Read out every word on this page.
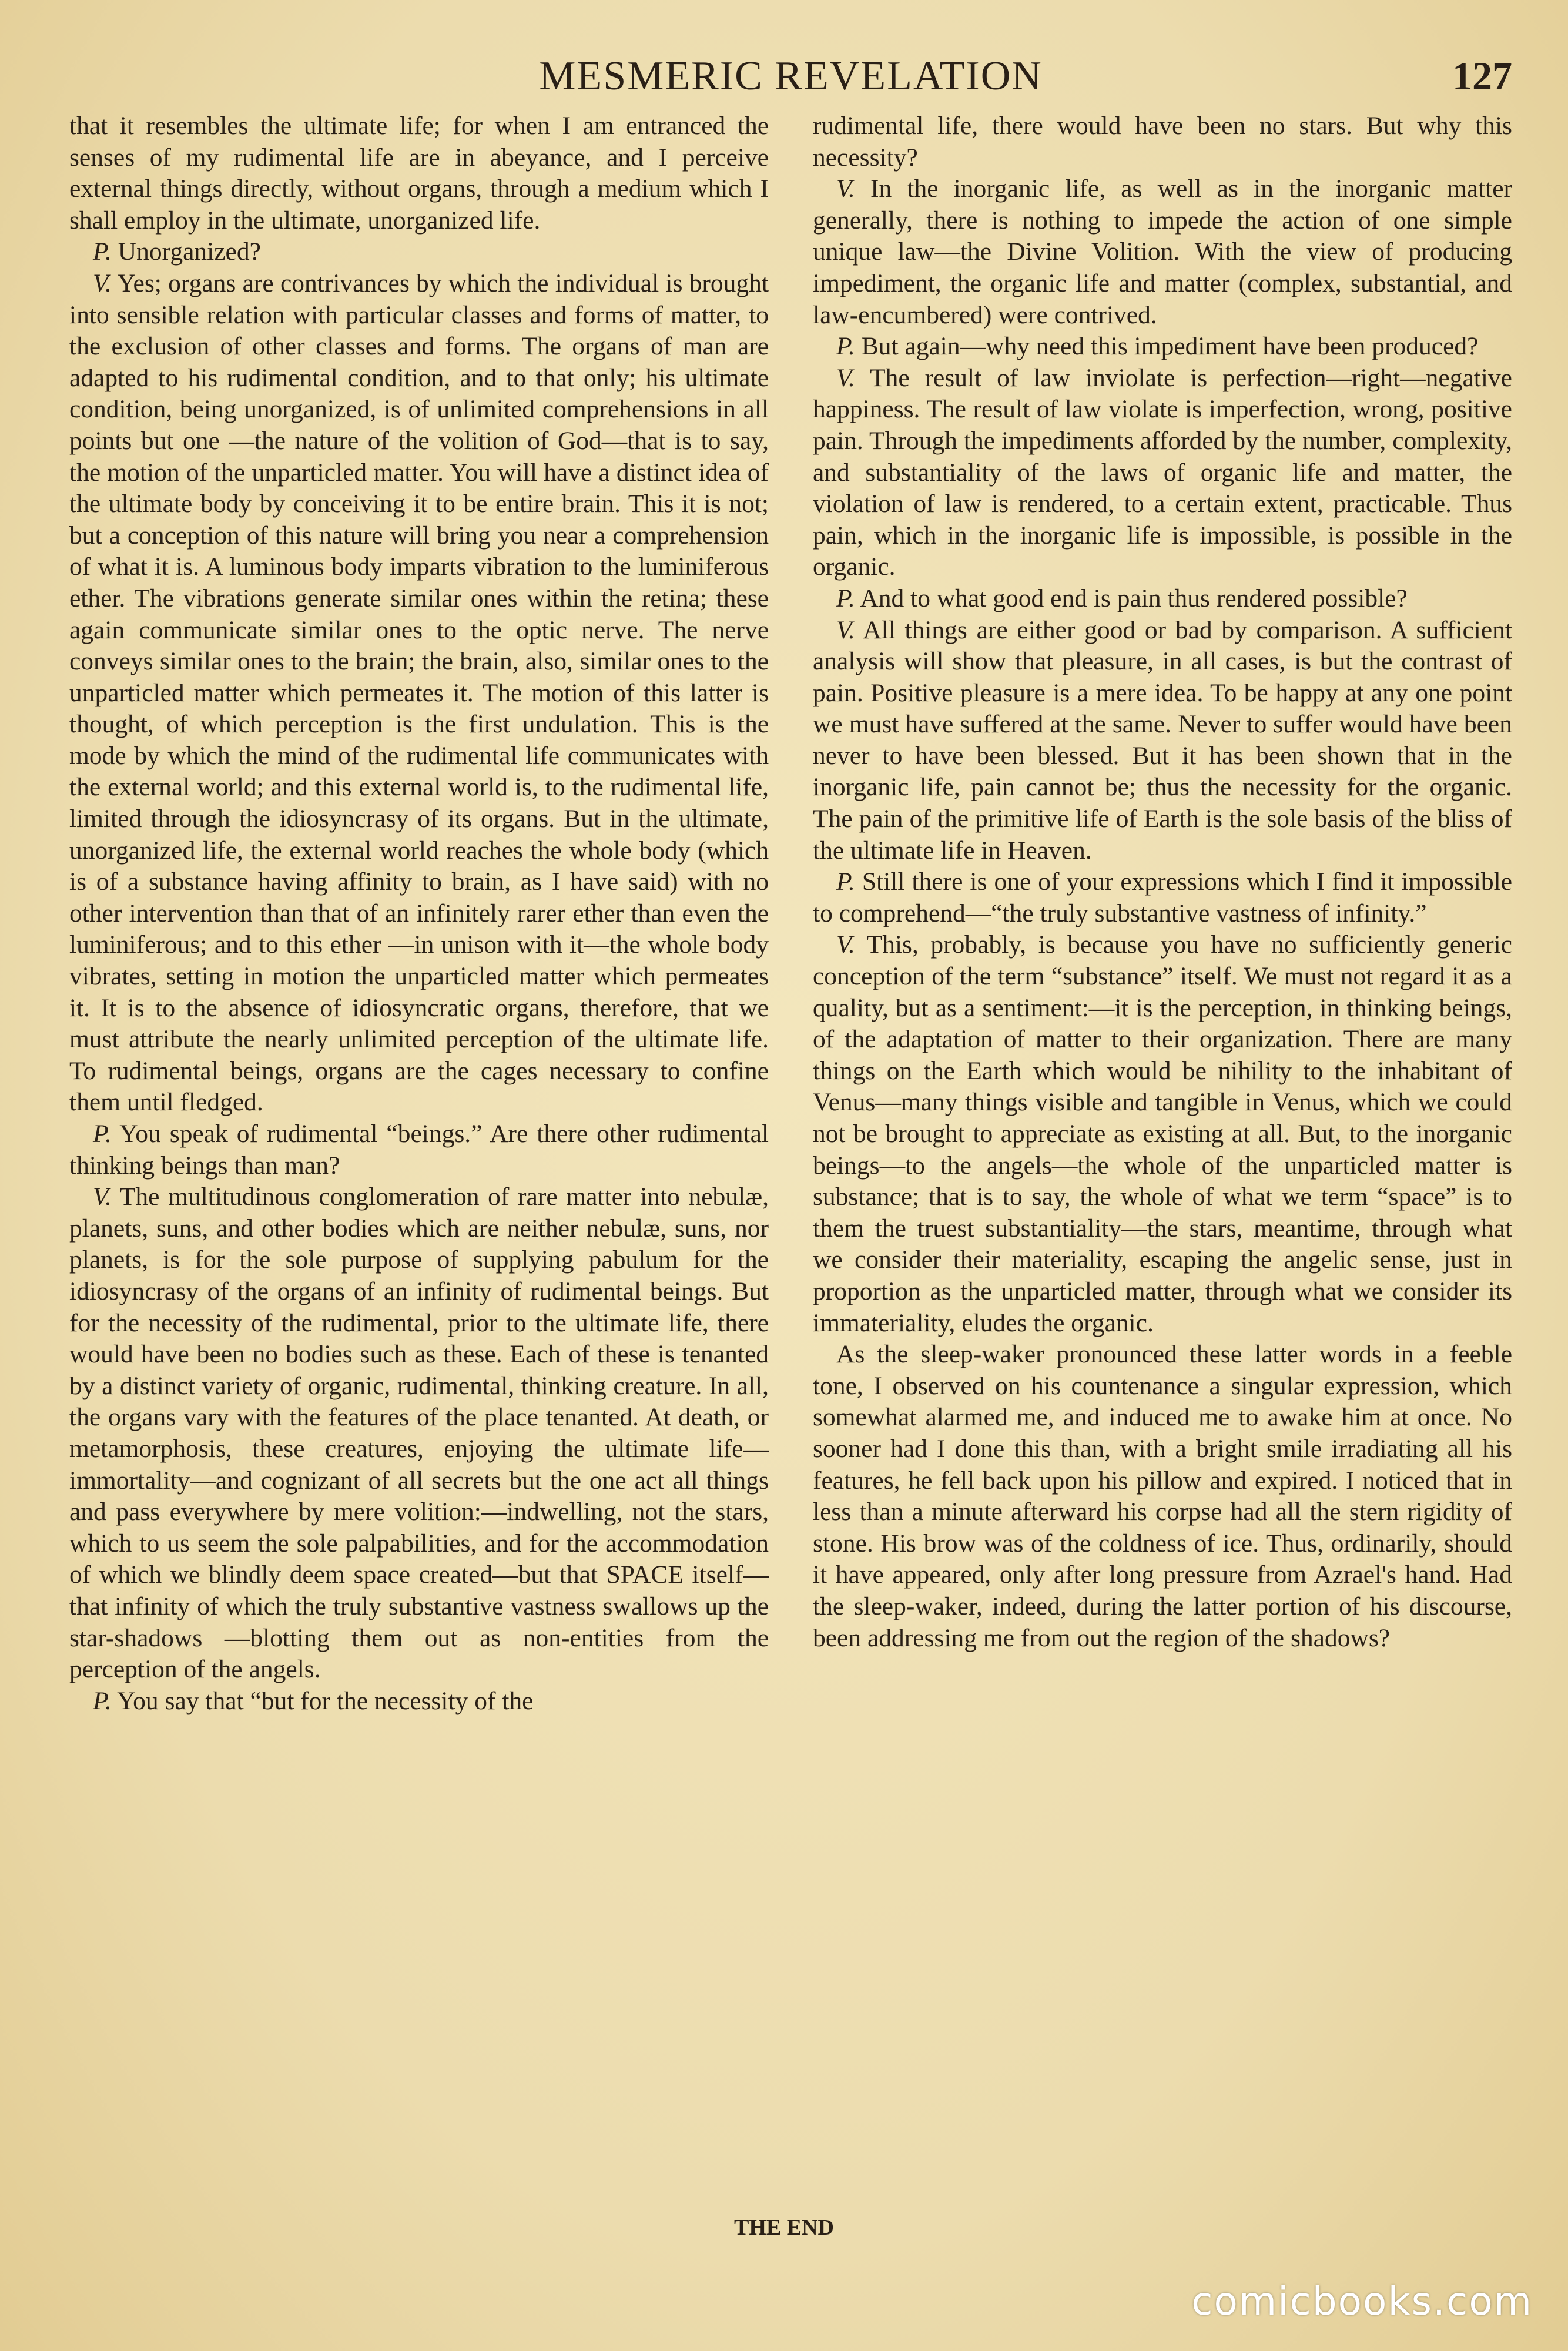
MESMERIC REVELATION	127

that it resembles the ultimate life; for when I am entranced the senses of my rudimental life are in abeyance, and I perceive external things directly, without organs, through a medium which I shall employ in the ultimate, unorganized life.

P. Unorganized?

V. Yes; organs are contrivances by which the individual is brought into sensible relation with particular classes and forms of matter, to the exclusion of other classes and forms. The organs of man are adapted to his rudimental condition, and to that only; his ultimate condition, being unorganized, is of unlimited comprehensions in all points but one —the nature of the volition of God—that is to say, the motion of the unparticled matter. You will have a distinct idea of the ultimate body by conceiving it to be entire brain. This it is not; but a conception of this nature will bring you near a comprehension of what it is. A luminous body imparts vibration to the luminiferous ether. The vibrations generate similar ones within the retina; these again communicate similar ones to the optic nerve. The nerve conveys similar ones to the brain; the brain, also, similar ones to the unparticled matter which permeates it. The motion of this latter is thought, of which perception is the first undulation. This is the mode by which the mind of the rudimental life communicates with the external world; and this external world is, to the rudimental life, limited through the idiosyncrasy of its organs. But in the ultimate, unorganized life, the external world reaches the whole body (which is of a substance having affinity to brain, as I have said) with no other intervention than that of an infinitely rarer ether than even the luminiferous; and to this ether —in unison with it—the whole body vibrates, setting in motion the unparticled matter which permeates it. It is to the absence of idiosyncratic organs, therefore, that we must attribute the nearly unlimited perception of the ultimate life. To rudimental beings, organs are the cages necessary to confine them until fledged.

P. You speak of rudimental “beings.” Are there other rudimental thinking beings than man?

V. The multitudinous conglomeration of rare matter into nebulæ, planets, suns, and other bodies which are neither nebulæ, suns, nor planets, is for the sole purpose of supplying pabulum for the idiosyncrasy of the organs of an infinity of rudimental beings. But for the necessity of the rudimental, prior to the ultimate life, there would have been no bodies such as these. Each of these is tenanted by a distinct variety of organic, rudimental, thinking creature. In all, the organs vary with the features of the place tenanted. At death, or metamorphosis, these creatures, enjoying the ultimate life—immortality—and cognizant of all secrets but the one act all things and pass everywhere by mere volition:—indwelling, not the stars, which to us seem the sole palpabilities, and for the accommodation of which we blindly deem space created—but that SPACE itself—that infinity of which the truly substantive vastness swallows up the star-shadows —blotting them out as non-entities from the perception of the angels.

P. You say that “but for the necessity of the

rudimental life, there would have been no stars. But why this necessity?

V. In the inorganic life, as well as in the inorganic matter generally, there is nothing to impede the action of one simple unique law—the Divine Volition. With the view of producing impediment, the organic life and matter (complex, substantial, and law-encumbered) were contrived.

P. But again—why need this impediment have been produced?

V. The result of law inviolate is perfection—right—negative happiness. The result of law violate is imperfection, wrong, positive pain. Through the impediments afforded by the number, complexity, and substantiality of the laws of organic life and matter, the violation of law is rendered, to a certain extent, practicable. Thus pain, which in the inorganic life is impossible, is possible in the organic.

P. And to what good end is pain thus rendered possible?

V. All things are either good or bad by comparison. A sufficient analysis will show that pleasure, in all cases, is but the contrast of pain. Positive pleasure is a mere idea. To be happy at any one point we must have suffered at the same. Never to suffer would have been never to have been blessed. But it has been shown that in the inorganic life, pain cannot be; thus the necessity for the organic. The pain of the primitive life of Earth is the sole basis of the bliss of the ultimate life in Heaven.

P. Still there is one of your expressions which I find it impossible to comprehend—“the truly substantive vastness of infinity.”

V. This, probably, is because you have no sufficiently generic conception of the term “substance” itself. We must not regard it as a quality, but as a sentiment:—it is the perception, in thinking beings, of the adaptation of matter to their organization. There are many things on the Earth which would be nihility to the inhabitant of Venus—many things visible and tangible in Venus, which we could not be brought to appreciate as existing at all. But, to the inorganic beings—to the angels—the whole of the unparticled matter is substance; that is to say, the whole of what we term “space” is to them the truest substantiality—the stars, meantime, through what we consider their materiality, escaping the angelic sense, just in proportion as the unparticled matter, through what we consider its immateriality, eludes the organic.

As the sleep-waker pronounced these latter words in a feeble tone, I observed on his countenance a singular expression, which somewhat alarmed me, and induced me to awake him at once. No sooner had I done this than, with a bright smile irradiating all his features, he fell back upon his pillow and expired. I noticed that in less than a minute afterward his corpse had all the stern rigidity of stone. His brow was of the coldness of ice. Thus, ordinarily, should it have appeared, only after long pressure from Azrael's hand. Had the sleep-waker, indeed, during the latter portion of his discourse, been addressing me from out the region of the shadows?

THE END
comicbooks.com
